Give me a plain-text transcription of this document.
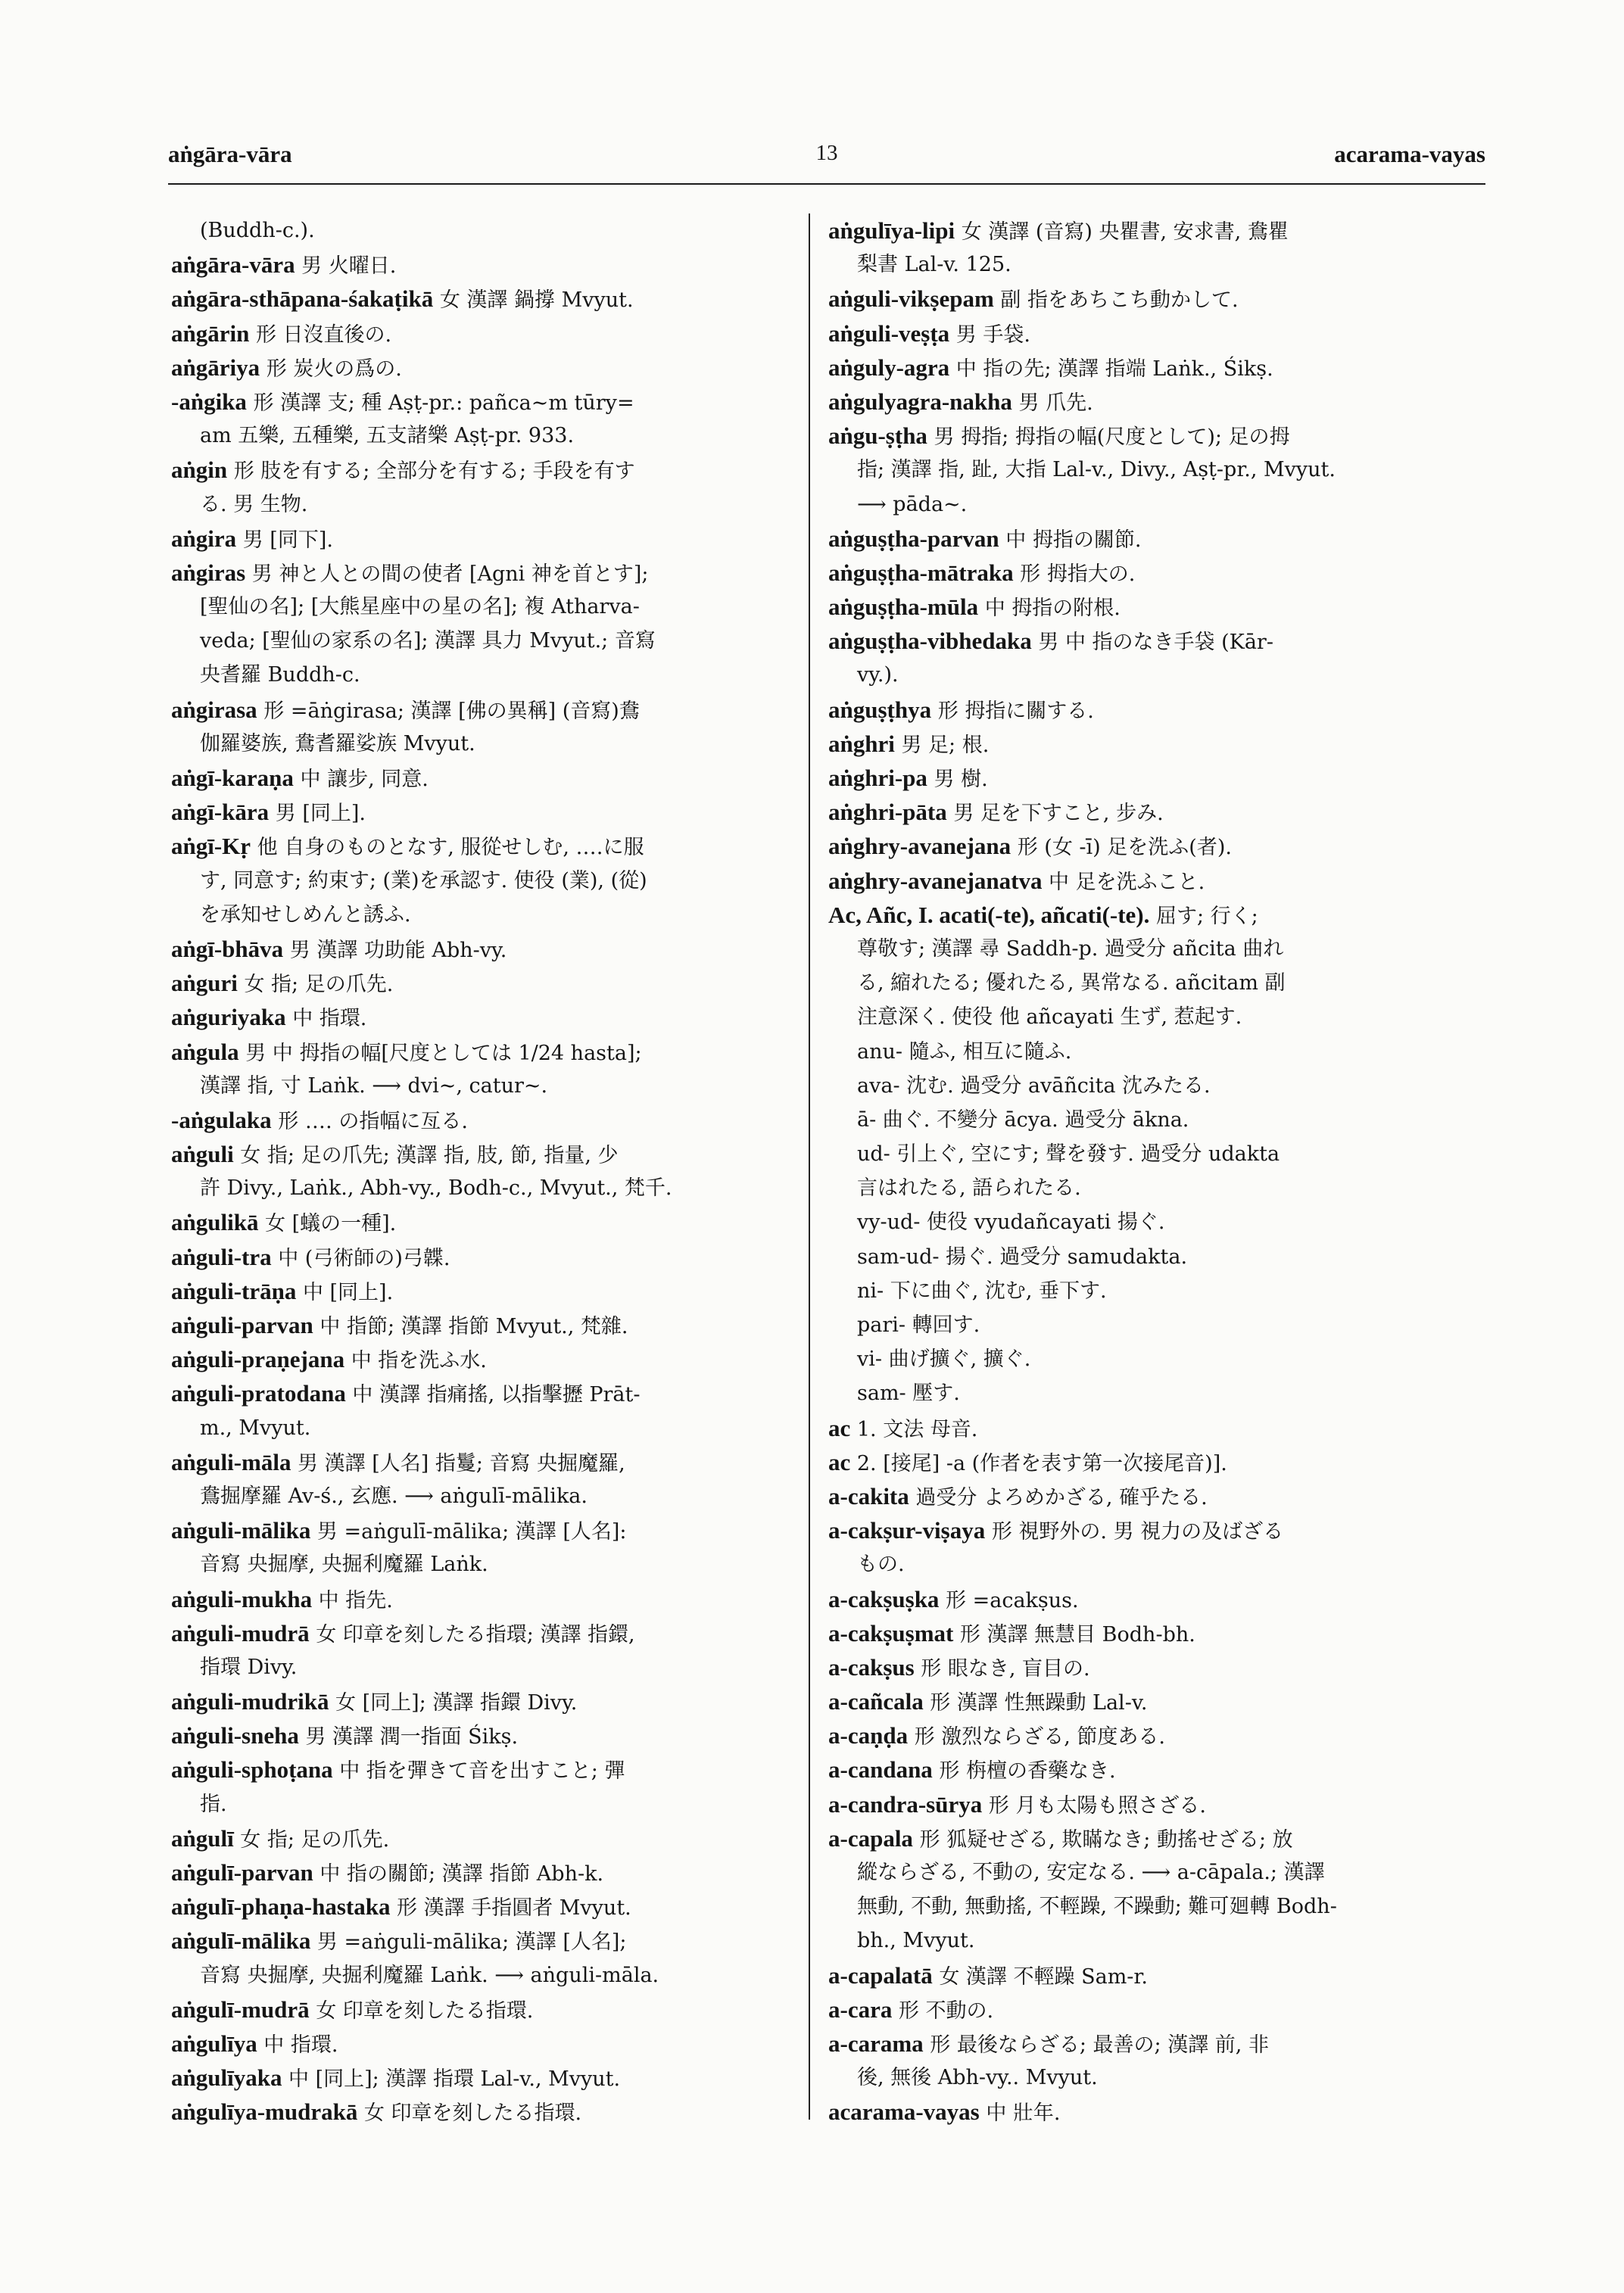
aṅgāra-vāra	13	acarama-vayas
(Buddh-c.).
aṅgāra-vāra 男 火曜日.
aṅgāra-sthāpana-śakaṭikā 女 漢譯 鍋撐 Mvyut.
aṅgārin 形 日沒直後の.
aṅgāriya 形 炭火の爲の.
-aṅgika 形 漢譯 支; 種 Aṣṭ-pr.: pañca∼m tūry=
am 五樂, 五種樂, 五支諸樂 Aṣṭ-pr. 933.
aṅgin 形 肢を有する; 全部分を有する; 手段を有す
る. 男 生物.
aṅgira 男 [同下].
aṅgiras 男 神と人との間の使者 [Agni 神を首とす];
[聖仙の名]; [大熊星座中の星の名]; 複 Atharva-
veda; [聖仙の家系の名]; 漢譯 具力 Mvyut.; 音寫
央耆羅 Buddh-c.
aṅgirasa 形 =āṅgirasa; 漢譯 [佛の異稱] (音寫)鴦
伽羅婆族, 鴦耆羅娑族 Mvyut.
aṅgī-karaṇa 中 讓步, 同意.
aṅgī-kāra 男 [同上].
aṅgī-Kṛ 他 自身のものとなす, 服從せしむ, ‥‥に服
す, 同意す; 約束す; (業)を承認す. 使役 (業), (從)
を承知せしめんと誘ふ.
aṅgī-bhāva 男 漢譯 功助能 Abh-vy.
aṅguri 女 指; 足の爪先.
aṅguriyaka 中 指環.
aṅgula 男 中 拇指の幅[尺度としては 1/24 hasta];
漢譯 指, 寸 Laṅk. ⟶ dvi∼, catur∼.
-aṅgulaka 形 ‥‥ の指幅に亙る.
aṅguli 女 指; 足の爪先; 漢譯 指, 肢, 節, 指量, 少
許 Divy., Laṅk., Abh-vy., Bodh-c., Mvyut., 梵千.
aṅgulikā 女 [蟻の一種].
aṅguli-tra 中 (弓術師の)弓韘.
aṅguli-trāṇa 中 [同上].
aṅguli-parvan 中 指節; 漢譯 指節 Mvyut., 梵雜.
aṅguli-praṇejana 中 指を洗ふ水.
aṅguli-pratodana 中 漢譯 指痛搖, 以指擊攊 Prāt-
m., Mvyut.
aṅguli-māla 男 漢譯 [人名] 指鬘; 音寫 央掘魔羅,
鴦掘摩羅 Av-ś., 玄應. ⟶ aṅgulī-mālika.
aṅguli-mālika 男 =aṅgulī-mālika; 漢譯 [人名]:
音寫 央掘摩, 央掘利魔羅 Laṅk.
aṅguli-mukha 中 指先.
aṅguli-mudrā 女 印章を刻したる指環; 漢譯 指鐶,
指環 Divy.
aṅguli-mudrikā 女 [同上]; 漢譯 指鐶 Divy.
aṅguli-sneha 男 漢譯 潤一指面 Śikṣ.
aṅguli-sphoṭana 中 指を彈きて音を出すこと; 彈
指.
aṅgulī 女 指; 足の爪先.
aṅgulī-parvan 中 指の關節; 漢譯 指節 Abh-k.
aṅgulī-phaṇa-hastaka 形 漢譯 手指圓者 Mvyut.
aṅgulī-mālika 男 =aṅguli-mālika; 漢譯 [人名];
音寫 央掘摩, 央掘利魔羅 Laṅk. ⟶ aṅguli-māla.
aṅgulī-mudrā 女 印章を刻したる指環.
aṅgulīya 中 指環.
aṅgulīyaka 中 [同上]; 漢譯 指環 Lal-v., Mvyut.
aṅgulīya-mudrakā 女 印章を刻したる指環.
aṅgulīya-lipi 女 漢譯 (音寫) 央瞿書, 安求書, 鴦瞿
梨書 Lal-v. 125.
aṅguli-vikṣepam 副 指をあちこち動かして.
aṅguli-veṣṭa 男 手袋.
aṅguly-agra 中 指の先; 漢譯 指端 Laṅk., Śikṣ.
aṅgulyagra-nakha 男 爪先.
aṅgu-ṣṭha 男 拇指; 拇指の幅(尺度として); 足の拇
指; 漢譯 指, 趾, 大指 Lal-v., Divy., Aṣṭ-pr., Mvyut.
⟶ pāda∼.
aṅguṣṭha-parvan 中 拇指の關節.
aṅguṣṭha-mātraka 形 拇指大の.
aṅguṣṭha-mūla 中 拇指の附根.
aṅguṣṭha-vibhedaka 男 中 指のなき手袋 (Kār-
vy.).
aṅguṣṭhya 形 拇指に關する.
aṅghri 男 足; 根.
aṅghri-pa 男 樹.
aṅghri-pāta 男 足を下すこと, 步み.
aṅghry-avanejana 形 (女 -ī) 足を洗ふ(者).
aṅghry-avanejanatva 中 足を洗ふこと.
Ac, Añc, I. acati(-te), añcati(-te). 屈す; 行く;
尊敬す; 漢譯 尋 Saddh-p. 過受分 añcita 曲れ
る, 縮れたる; 優れたる, 異常なる. añcitam 副
注意深く. 使役 他 añcayati 生ず, 惹起す.
anu- 隨ふ, 相互に隨ふ.
ava- 沈む. 過受分 avāñcita 沈みたる.
ā- 曲ぐ. 不變分 ācya. 過受分 ākna.
ud- 引上ぐ, 空にす; 聲を發す. 過受分 udakta
言はれたる, 語られたる.
vy-ud- 使役 vyudañcayati 揚ぐ.
sam-ud- 揚ぐ. 過受分 samudakta.
ni- 下に曲ぐ, 沈む, 垂下す.
pari- 轉回す.
vi- 曲げ擴ぐ, 擴ぐ.
sam- 壓す.
ac 1. 文法 母音.
ac 2. [接尾] -a (作者を表す第一次接尾音)].
a-cakita 過受分 よろめかざる, 確乎たる.
a-cakṣur-viṣaya 形 視野外の. 男 視力の及ばざる
もの.
a-cakṣuṣka 形 =acakṣus.
a-cakṣuṣmat 形 漢譯 無慧目 Bodh-bh.
a-cakṣus 形 眼なき, 盲目の.
a-cañcala 形 漢譯 性無躁動 Lal-v.
a-caṇḍa 形 激烈ならざる, 節度ある.
a-candana 形 栴檀の香藥なき.
a-candra-sūrya 形 月も太陽も照さざる.
a-capala 形 狐疑せざる, 欺瞞なき; 動搖せざる; 放
縱ならざる, 不動の, 安定なる. ⟶ a-cāpala.; 漢譯
無動, 不動, 無動搖, 不輕躁, 不躁動; 難可廻轉 Bodh-
bh., Mvyut.
a-capalatā 女 漢譯 不輕躁 Sam-r.
a-cara 形 不動の.
a-carama 形 最後ならざる; 最善の; 漢譯 前, 非
後, 無後 Abh-vy.. Mvyut.
acarama-vayas 中 壯年.
